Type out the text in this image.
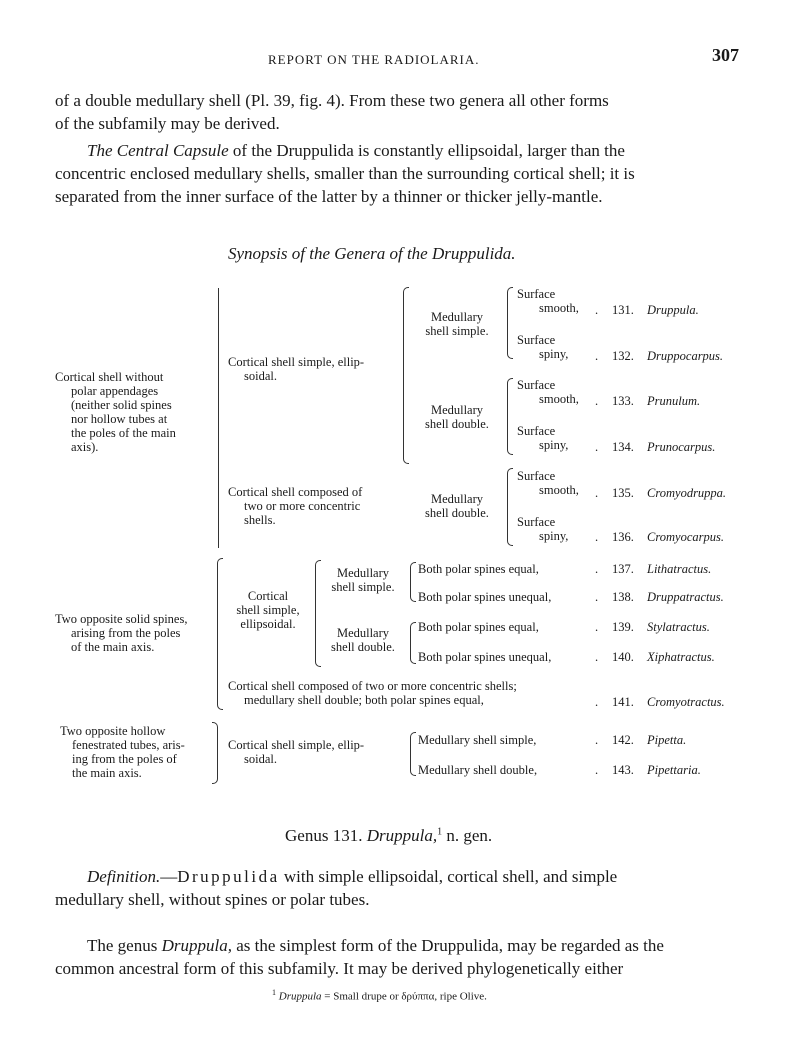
REPORT ON THE RADIOLARIA.	307
of a double medullary shell (Pl. 39, fig. 4). From these two genera all other forms
of the subfamily may be derived.
The Central Capsule of the Druppulida is constantly ellipsoidal, larger than the
concentric enclosed medullary shells, smaller than the surrounding cortical shell; it is
separated from the inner surface of the latter by a thinner or thicker jelly-mantle.
Synopsis of the Genera of the Druppulida.
Cortical shell without
polar appendages
(neither solid spines
nor hollow tubes at
the poles of the main
axis).
Cortical shell simple, ellip-
soidal.
Medullary
shell simple.
Medullary
shell double.
Cortical shell composed of
two or more concentric
shells.
Medullary
shell double.
Surface
smooth,
Surface
spiny,
Surface
smooth,
Surface
spiny,
Surface
smooth,
Surface
spiny,
Two opposite solid spines,
arising from the poles
of the main axis.
Cortical
shell simple,
ellipsoidal.
Medullary
shell simple.
Medullary
shell double.
Both polar spines equal,
Both polar spines unequal,
Both polar spines equal,
Both polar spines unequal,
Cortical shell composed of two or more concentric shells;
medullary shell double; both polar spines equal,
Two opposite hollow
fenestrated tubes, aris-
ing from the poles of
the main axis.
Cortical shell simple, ellip-
soidal.
Medullary shell simple,
Medullary shell double,
. 131. Druppula.
. 132. Druppocarpus.
. 133. Prunulum.
. 134. Prunocarpus.
. 135. Cromyodruppa.
. 136. Cromyocarpus.
. 137. Lithatractus.
. 138. Druppatractus.
. 139. Stylatractus.
. 140. Xiphatractus.
. 141. Cromyotractus.
. 142. Pipetta.
. 143. Pipettaria.
Genus 131. Druppula,$^1$ n. gen.
Definition.—Druppulida with simple ellipsoidal, cortical shell, and simple
medullary shell, without spines or polar tubes.
The genus Druppula, as the simplest form of the Druppulida, may be regarded as the
common ancestral form of this subfamily. It may be derived phylogenetically either
$^1$ Druppula = Small drupe or δρύππα, ripe Olive.
